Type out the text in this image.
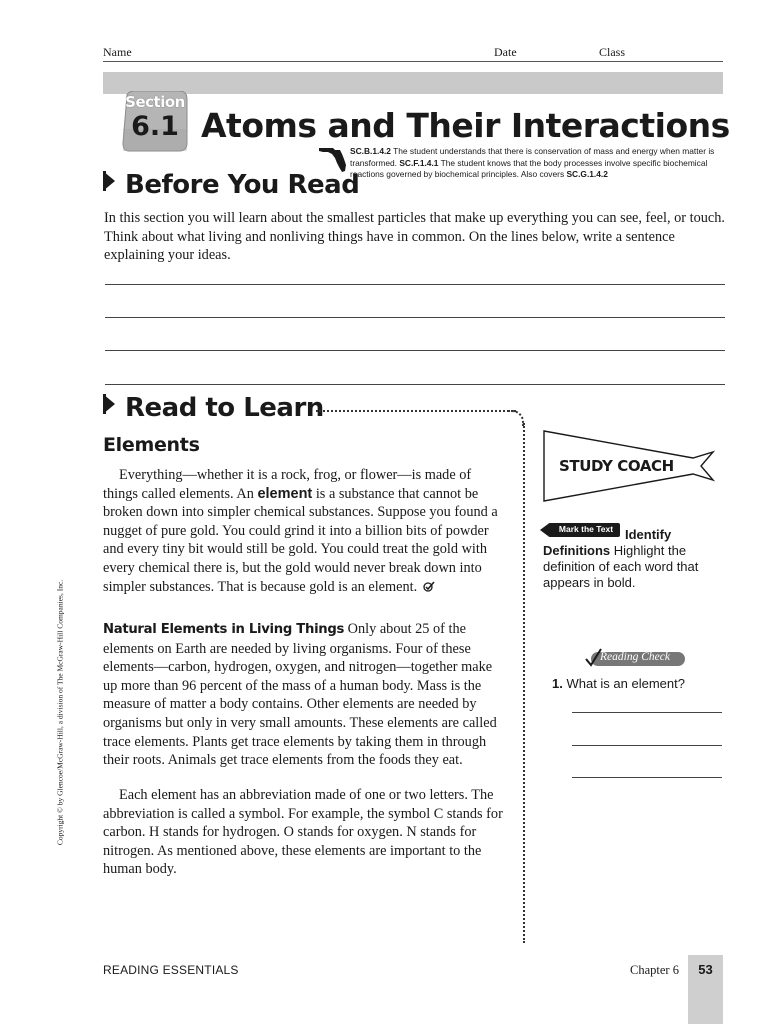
Name	Date	Class
Section
6.1 Atoms and Their Interactions
SC.B.1.4.2 The student understands that there is conservation of mass and energy when matter is transformed. SC.F.1.4.1 The student knows that the body processes involve specific biochemical reactions governed by biochemical principles. Also covers SC.G.1.4.2
Before You Read
In this section you will learn about the smallest particles that make up everything you can see, feel, or touch. Think about what living and nonliving things have in common. On the lines below, write a sentence explaining your ideas.
Read to Learn
Elements
Everything—whether it is a rock, frog, or flower—is made of things called elements. An element is a substance that cannot be broken down into simpler chemical substances. Suppose you found a nugget of pure gold. You could grind it into a billion bits of powder and every tiny bit would still be gold. You could treat the gold with every chemical there is, but the gold would never break down into simpler substances. That is because gold is an element.
Natural Elements in Living Things Only about 25 of the elements on Earth are needed by living organisms. Four of these elements—carbon, hydrogen, oxygen, and nitrogen—together make up more than 96 percent of the mass of a human body. Mass is the measure of matter a body contains. Other elements are needed by organisms but only in very small amounts. These elements are called trace elements. Plants get trace elements by taking them in through their roots. Animals get trace elements from the foods they eat.
Each element has an abbreviation made of one or two letters. The abbreviation is called a symbol. For example, the symbol C stands for carbon. H stands for hydrogen. O stands for oxygen. N stands for nitrogen. As mentioned above, these elements are important to the human body.
STUDY COACH
Mark the Text Identify Definitions Highlight the definition of each word that appears in bold.
Reading Check
1. What is an element?
Copyright © by Glencoe/McGraw-Hill, a division of The McGraw-Hill Companies, Inc.
READING ESSENTIALS	Chapter 6	53
